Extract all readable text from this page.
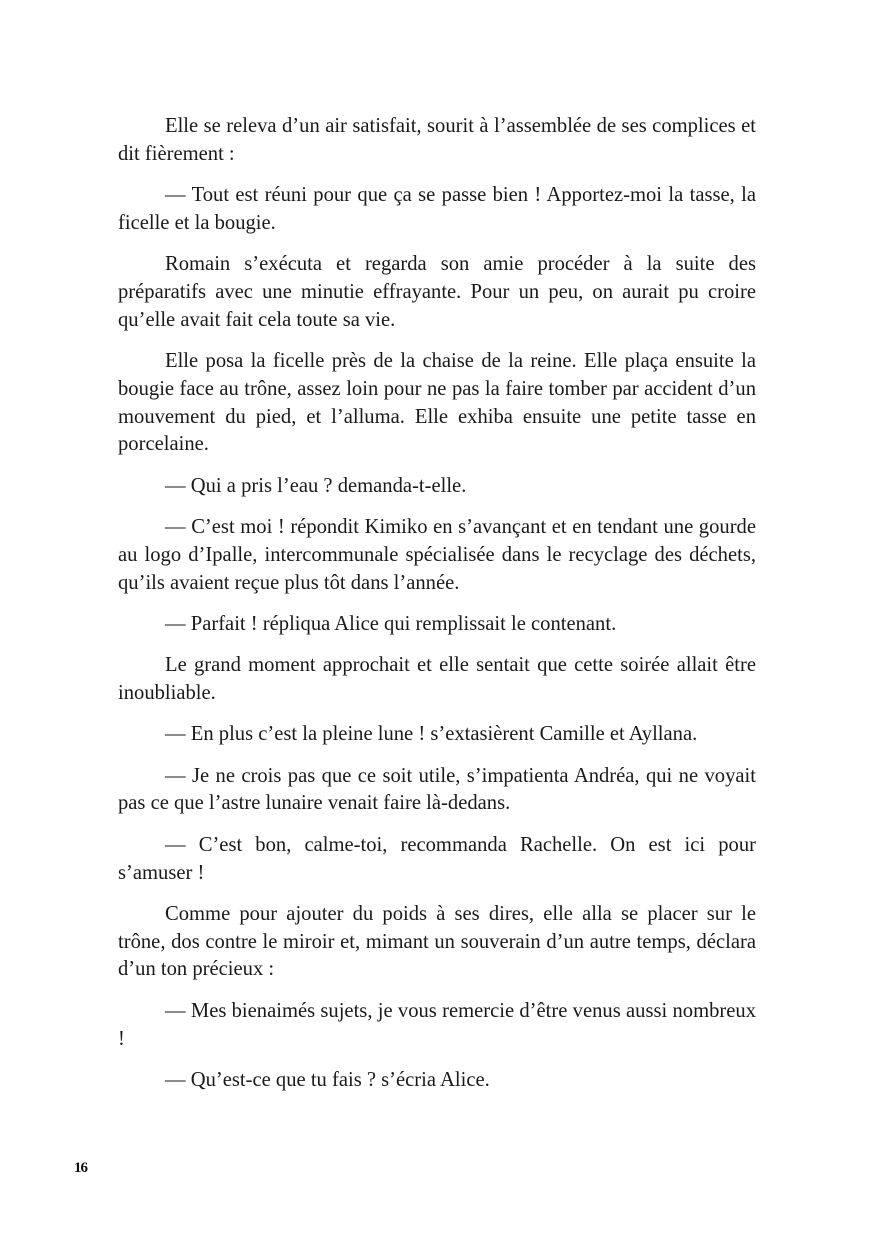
Elle se releva d’un air satisfait, sourit à l’assemblée de ses complices et dit fièrement :

— Tout est réuni pour que ça se passe bien ! Apportez-moi la tasse, la ficelle et la bougie.

Romain s’exécuta et regarda son amie procéder à la suite des préparatifs avec une minutie effrayante. Pour un peu, on aurait pu croire qu’elle avait fait cela toute sa vie.

Elle posa la ficelle près de la chaise de la reine. Elle plaça ensuite la bougie face au trône, assez loin pour ne pas la faire tomber par accident d’un mouvement du pied, et l’alluma. Elle exhiba ensuite une petite tasse en porcelaine.

— Qui a pris l’eau ? demanda-t-elle.

— C’est moi ! répondit Kimiko en s’avançant et en tendant une gourde au logo d’Ipalle, intercommunale spécialisée dans le recyclage des déchets, qu’ils avaient reçue plus tôt dans l’année.

— Parfait ! répliqua Alice qui remplissait le contenant.

Le grand moment approchait et elle sentait que cette soirée allait être inoubliable.

— En plus c’est la pleine lune ! s’extasièrent Camille et Ayllana.

— Je ne crois pas que ce soit utile, s’impatienta Andréa, qui ne voyait pas ce que l’astre lunaire venait faire là-dedans.

— C’est bon, calme-toi, recommanda Rachelle. On est ici pour s’amuser !

Comme pour ajouter du poids à ses dires, elle alla se placer sur le trône, dos contre le miroir et, mimant un souverain d’un autre temps, déclara d’un ton précieux :

— Mes bienaimés sujets, je vous remercie d’être venus aussi nombreux !

— Qu’est-ce que tu fais ? s’écria Alice.

16
